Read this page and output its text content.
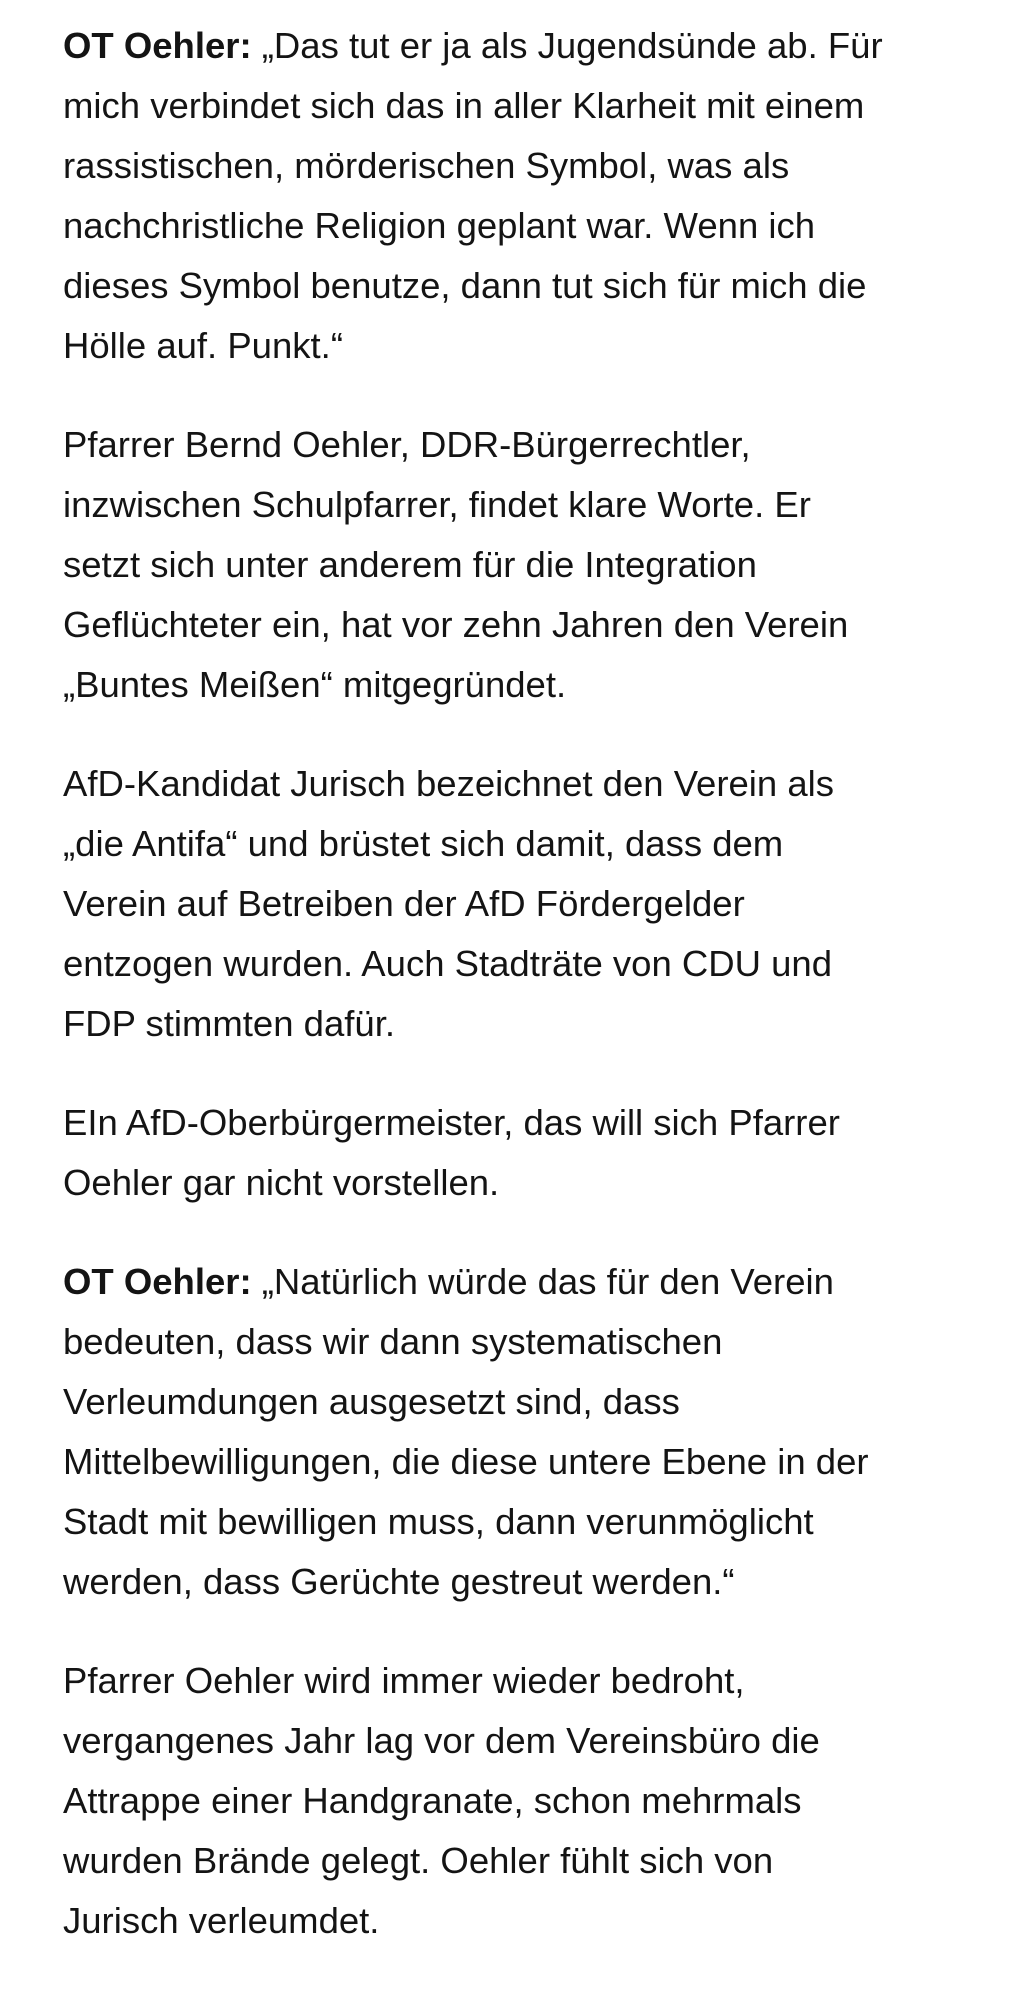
OT Oehler: „Das tut er ja als Jugendsünde ab. Für
mich verbindet sich das in aller Klarheit mit einem
rassistischen, mörderischen Symbol, was als
nachchristliche Religion geplant war. Wenn ich
dieses Symbol benutze, dann tut sich für mich die
Hölle auf. Punkt.“

Pfarrer Bernd Oehler, DDR-Bürgerrechtler,
inzwischen Schulpfarrer, findet klare Worte. Er
setzt sich unter anderem für die Integration
Geflüchteter ein, hat vor zehn Jahren den Verein
„Buntes Meißen“ mitgegründet.

AfD-Kandidat Jurisch bezeichnet den Verein als
„die Antifa“ und brüstet sich damit, dass dem
Verein auf Betreiben der AfD Fördergelder
entzogen wurden. Auch Stadträte von CDU und
FDP stimmten dafür.

EIn AfD-Oberbürgermeister, das will sich Pfarrer
Oehler gar nicht vorstellen.

OT Oehler: „Natürlich würde das für den Verein
bedeuten, dass wir dann systematischen
Verleumdungen ausgesetzt sind, dass
Mittelbewilligungen, die diese untere Ebene in der
Stadt mit bewilligen muss, dann verunmöglicht
werden, dass Gerüchte gestreut werden.“

Pfarrer Oehler wird immer wieder bedroht,
vergangenes Jahr lag vor dem Vereinsbüro die
Attrappe einer Handgranate, schon mehrmals
wurden Brände gelegt. Oehler fühlt sich von
Jurisch verleumdet.
